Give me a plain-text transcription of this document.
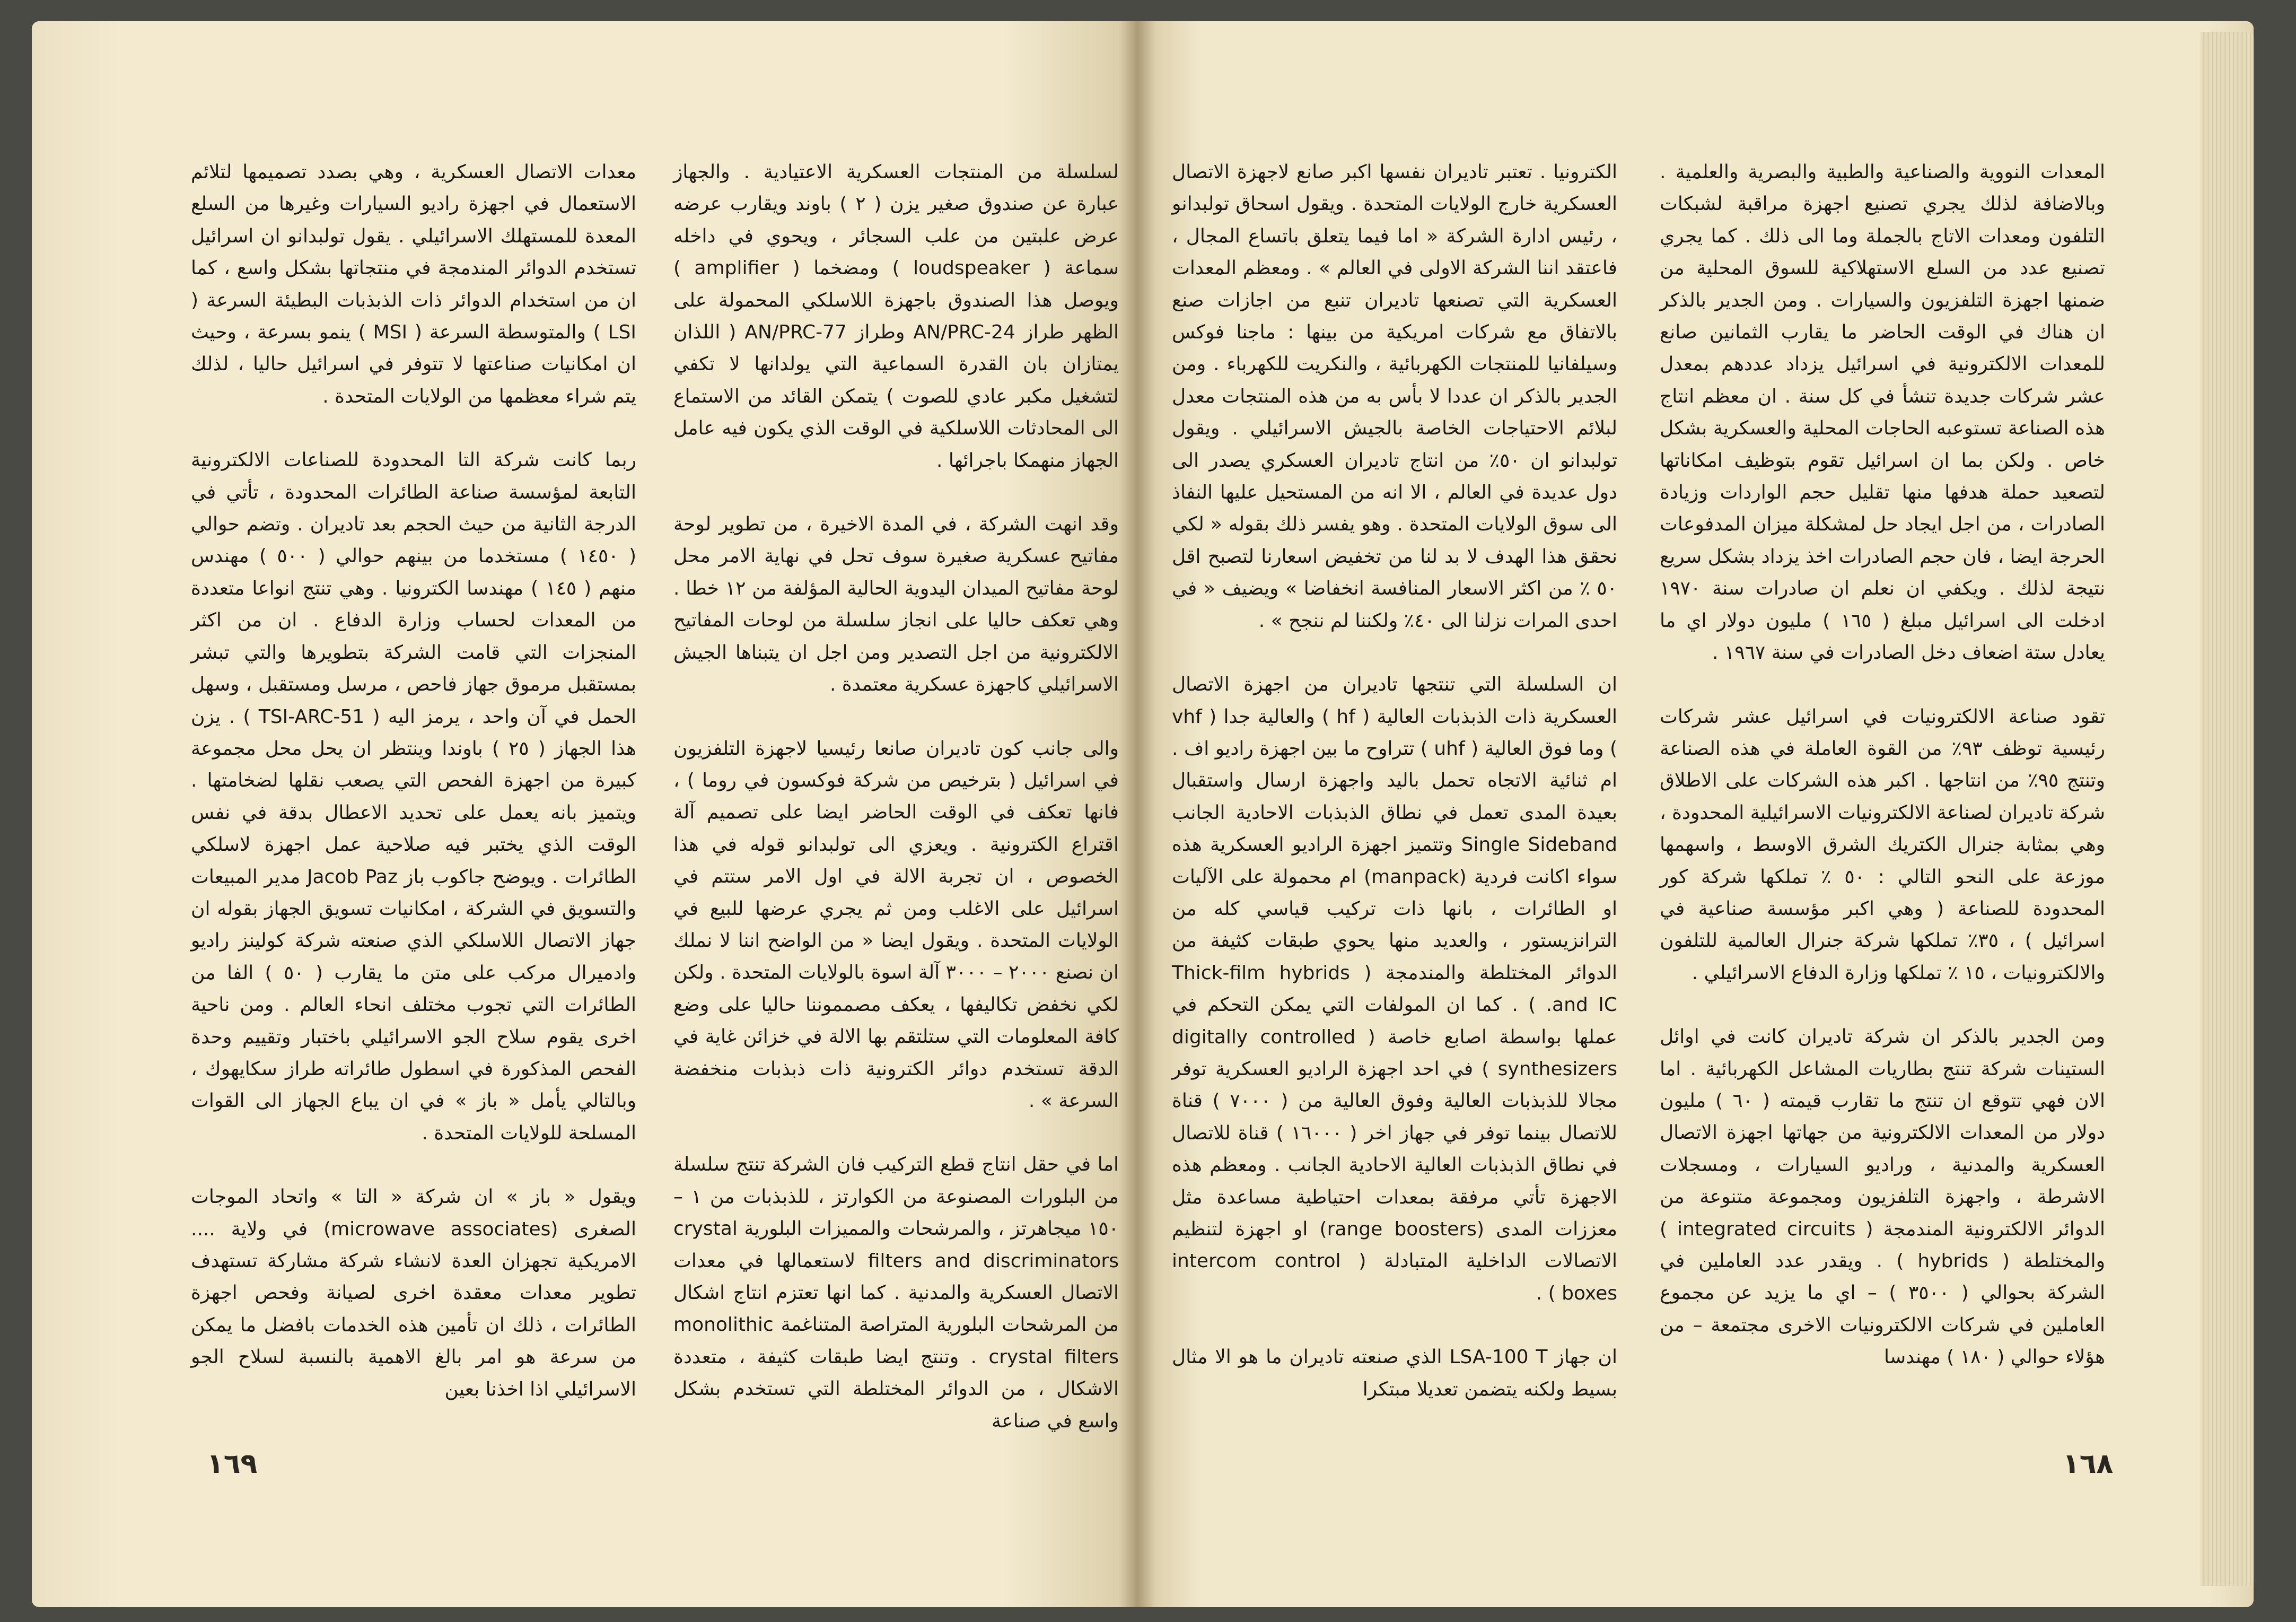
لسلسلة من المنتجات العسكرية الاعتيادية . والجهاز عبارة عن صندوق صغير يزن ( ٢ ) باوند ويقارب عرضه عرض علبتين من علب السجائر ، ويحوي في داخله سماعة ( loudspeaker ) ومضخما ( amplifier ) ويوصل هذا الصندوق باجهزة اللاسلكي المحمولة على الظهر طراز AN/PRC-24 وطراز AN/PRC-77 ( اللذان يمتازان بان القدرة السماعية التي يولدانها لا تكفي لتشغيل مكبر عادي للصوت ) يتمكن القائد من الاستماع الى المحادثات اللاسلكية في الوقت الذي يكون فيه عامل الجهاز منهمكا باجرائها .

وقد انهت الشركة ، في المدة الاخيرة ، من تطوير لوحة مفاتيح عسكرية صغيرة سوف تحل في نهاية الامر محل لوحة مفاتيح الميدان اليدوية الحالية المؤلفة من ١٢ خطا . وهي تعكف حاليا على انجاز سلسلة من لوحات المفاتيح الالكترونية من اجل التصدير ومن اجل ان يتبناها الجيش الاسرائيلي كاجهزة عسكرية معتمدة .

والى جانب كون تاديران صانعا رئيسيا لاجهزة التلفزيون في اسرائيل ( بترخيص من شركة فوكسون في روما ) ، فانها تعكف في الوقت الحاضر ايضا على تصميم آلة اقتراع الكترونية . ويعزي الى تولبدانو قوله في هذا الخصوص ، ان تجربة الالة في اول الامر ستتم في اسرائيل على الاغلب ومن ثم يجري عرضها للبيع في الولايات المتحدة . ويقول ايضا « من الواضح اننا لا نملك ان نصنع ٢٠٠٠ – ٣٠٠٠ آلة اسوة بالولايات المتحدة . ولكن لكي نخفض تكاليفها ، يعكف مصمموننا حاليا على وضع كافة المعلومات التي ستلتقم بها الالة في خزائن غاية في الدقة تستخدم دوائر الكترونية ذات ذبذبات منخفضة السرعة » .

اما في حقل انتاج قطع التركيب فان الشركة تنتج سلسلة من البلورات المصنوعة من الكوارتز ، للذبذبات من ١ – ١٥٠ ميجاهرتز ، والمرشحات والمميزات البلورية crystal filters and discriminators لاستعمالها في معدات الاتصال العسكرية والمدنية . كما انها تعتزم انتاج اشكال من المرشحات البلورية المتراصة المتناغمة monolithic crystal filters . وتنتج ايضا طبقات كثيفة ، متعددة الاشكال ، من الدوائر المختلطة التي تستخدم بشكل واسع في صناعة

معدات الاتصال العسكرية ، وهي بصدد تصميمها لتلائم الاستعمال في اجهزة راديو السيارات وغيرها من السلع المعدة للمستهلك الاسرائيلي . يقول تولبدانو ان اسرائيل تستخدم الدوائر المندمجة في منتجاتها بشكل واسع ، كما ان من استخدام الدوائر ذات الذبذبات البطيئة السرعة ( LSI ) والمتوسطة السرعة ( MSI ) ينمو بسرعة ، وحيث ان امكانيات صناعتها لا تتوفر في اسرائيل حاليا ، لذلك يتم شراء معظمها من الولايات المتحدة .

ربما كانت شركة التا المحدودة للصناعات الالكترونية التابعة لمؤسسة صناعة الطائرات المحدودة ، تأتي في الدرجة الثانية من حيث الحجم بعد تاديران . وتضم حوالي ( ١٤٥٠ ) مستخدما من بينهم حوالي ( ٥٠٠ ) مهندس منهم ( ١٤٥ ) مهندسا الكترونيا . وهي تنتج انواعا متعددة من المعدات لحساب وزارة الدفاع . ان من اكثر المنجزات التي قامت الشركة بتطويرها والتي تبشر بمستقبل مرموق جهاز فاحص ، مرسل ومستقبل ، وسهل الحمل في آن واحد ، يرمز اليه ( TSI-ARC-51 ) . يزن هذا الجهاز ( ٢٥ ) باوندا وينتظر ان يحل محل مجموعة كبيرة من اجهزة الفحص التي يصعب نقلها لضخامتها . ويتميز بانه يعمل على تحديد الاعطال بدقة في نفس الوقت الذي يختبر فيه صلاحية عمل اجهزة لاسلكي الطائرات . ويوضح جاكوب باز Jacob Paz مدير المبيعات والتسويق في الشركة ، امكانيات تسويق الجهاز بقوله ان جهاز الاتصال اللاسلكي الذي صنعته شركة كولينز راديو وادميرال مركب على متن ما يقارب ( ٥٠ ) الفا من الطائرات التي تجوب مختلف انحاء العالم . ومن ناحية اخرى يقوم سلاح الجو الاسرائيلي باختبار وتقييم وحدة الفحص المذكورة في اسطول طائراته طراز سكايهوك ، وبالتالي يأمل « باز » في ان يباع الجهاز الى القوات المسلحة للولايات المتحدة .

ويقول « باز » ان شركة « التا » واتحاد الموجات الصغرى (microwave associates) في ولاية .... الامريكية تجهزان العدة لانشاء شركة مشاركة تستهدف تطوير معدات معقدة اخرى لصيانة وفحص اجهزة الطائرات ، ذلك ان تأمين هذه الخدمات بافضل ما يمكن من سرعة هو امر بالغ الاهمية بالنسبة لسلاح الجو الاسرائيلي اذا اخذنا بعين

١٦٩

المعدات النووية والصناعية والطبية والبصرية والعلمية . وبالاضافة لذلك يجري تصنيع اجهزة مراقبة لشبكات التلفون ومعدات الاتاج بالجملة وما الى ذلك . كما يجري تصنيع عدد من السلع الاستهلاكية للسوق المحلية من ضمنها اجهزة التلفزيون والسيارات . ومن الجدير بالذكر ان هناك في الوقت الحاضر ما يقارب الثمانين صانع للمعدات الالكترونية في اسرائيل يزداد عددهم بمعدل عشر شركات جديدة تنشأ في كل سنة . ان معظم انتاج هذه الصناعة تستوعبه الحاجات المحلية والعسكرية بشكل خاص . ولكن بما ان اسرائيل تقوم بتوظيف امكاناتها لتصعيد حملة هدفها منها تقليل حجم الواردات وزيادة الصادرات ، من اجل ايجاد حل لمشكلة ميزان المدفوعات الحرجة ايضا ، فان حجم الصادرات اخذ يزداد بشكل سريع نتيجة لذلك . ويكفي ان نعلم ان صادرات سنة ١٩٧٠ ادخلت الى اسرائيل مبلغ ( ١٦٥ ) مليون دولار اي ما يعادل ستة اضعاف دخل الصادرات في سنة ١٩٦٧ .

تقود صناعة الالكترونيات في اسرائيل عشر شركات رئيسية توظف ٩٣٪ من القوة العاملة في هذه الصناعة وتنتج ٩٥٪ من انتاجها . اكبر هذه الشركات على الاطلاق شركة تاديران لصناعة الالكترونيات الاسرائيلية المحدودة ، وهي بمثابة جنرال الكتريك الشرق الاوسط ، واسهمها موزعة على النحو التالي : ٥٠ ٪ تملكها شركة كور المحدودة للصناعة ( وهي اكبر مؤسسة صناعية في اسرائيل ) ، ٣٥٪ تملكها شركة جنرال العالمية للتلفون والالكترونيات ، ١٥ ٪ تملكها وزارة الدفاع الاسرائيلي .

ومن الجدير بالذكر ان شركة تاديران كانت في اوائل الستينات شركة تنتج بطاريات المشاعل الكهربائية . اما الان فهي تتوقع ان تنتج ما تقارب قيمته ( ٦٠ ) مليون دولار من المعدات الالكترونية من جهاتها اجهزة الاتصال العسكرية والمدنية ، وراديو السيارات ، ومسجلات الاشرطة ، واجهزة التلفزيون ومجموعة متنوعة من الدوائر الالكترونية المندمجة ( integrated circuits ) والمختلطة ( hybrids ) . ويقدر عدد العاملين في الشركة بحوالي ( ٣٥٠٠ ) – اي ما يزيد عن مجموع العاملين في شركات الالكترونيات الاخرى مجتمعة – من هؤلاء حوالي ( ١٨٠ ) مهندسا

الكترونيا . تعتبر تاديران نفسها اكبر صانع لاجهزة الاتصال العسكرية خارج الولايات المتحدة . ويقول اسحاق تولبدانو ، رئيس ادارة الشركة « اما فيما يتعلق باتساع المجال ، فاعتقد اننا الشركة الاولى في العالم » . ومعظم المعدات العسكرية التي تصنعها تاديران تنبع من اجازات صنع بالاتفاق مع شركات امريكية من بينها : ماجنا فوكس وسيلفانيا للمنتجات الكهربائية ، والنكريت للكهرباء . ومن الجدير بالذكر ان عددا لا بأس به من هذه المنتجات معدل لبلائم الاحتياجات الخاصة بالجيش الاسرائيلي . ويقول تولبدانو ان ٥٠٪ من انتاج تاديران العسكري يصدر الى دول عديدة في العالم ، الا انه من المستحيل عليها النفاذ الى سوق الولايات المتحدة . وهو يفسر ذلك بقوله « لكي نحقق هذا الهدف لا بد لنا من تخفيض اسعارنا لتصبح اقل ٥٠ ٪ من اكثر الاسعار المنافسة انخفاضا » ويضيف « في احدى المرات نزلنا الى ٤٠٪ ولكننا لم ننجح » .

ان السلسلة التي تنتجها تاديران من اجهزة الاتصال العسكرية ذات الذبذبات العالية ( hf ) والعالية جدا ( vhf ) وما فوق العالية ( uhf ) تتراوح ما بين اجهزة راديو اف . ام ثنائية الاتجاه تحمل باليد واجهزة ارسال واستقبال بعيدة المدى تعمل في نطاق الذبذبات الاحادية الجانب Single Sideband وتتميز اجهزة الراديو العسكرية هذه سواء اكانت فردية (manpack) ام محمولة على الآليات او الطائرات ، بانها ذات تركيب قياسي كله من الترانزيستور ، والعديد منها يحوي طبقات كثيفة من الدوائر المختلطة والمندمجة ( Thick-film hybrids and IC. ) . كما ان المولفات التي يمكن التحكم في عملها بواسطة اصابع خاصة ( digitally controlled synthesizers ) في احد اجهزة الراديو العسكرية توفر مجالا للذبذبات العالية وفوق العالية من ( ٧٠٠٠ ) قناة للاتصال بينما توفر في جهاز اخر ( ١٦٠٠٠ ) قناة للاتصال في نطاق الذبذبات العالية الاحادية الجانب . ومعظم هذه الاجهزة تأتي مرفقة بمعدات احتياطية مساعدة مثل معززات المدى (range boosters) او اجهزة لتنظيم الاتصالات الداخلية المتبادلة ( intercom control boxes ) .

ان جهاز LSA-100 T الذي صنعته تاديران ما هو الا مثال بسيط ولكنه يتضمن تعديلا مبتكرا

١٦٨
